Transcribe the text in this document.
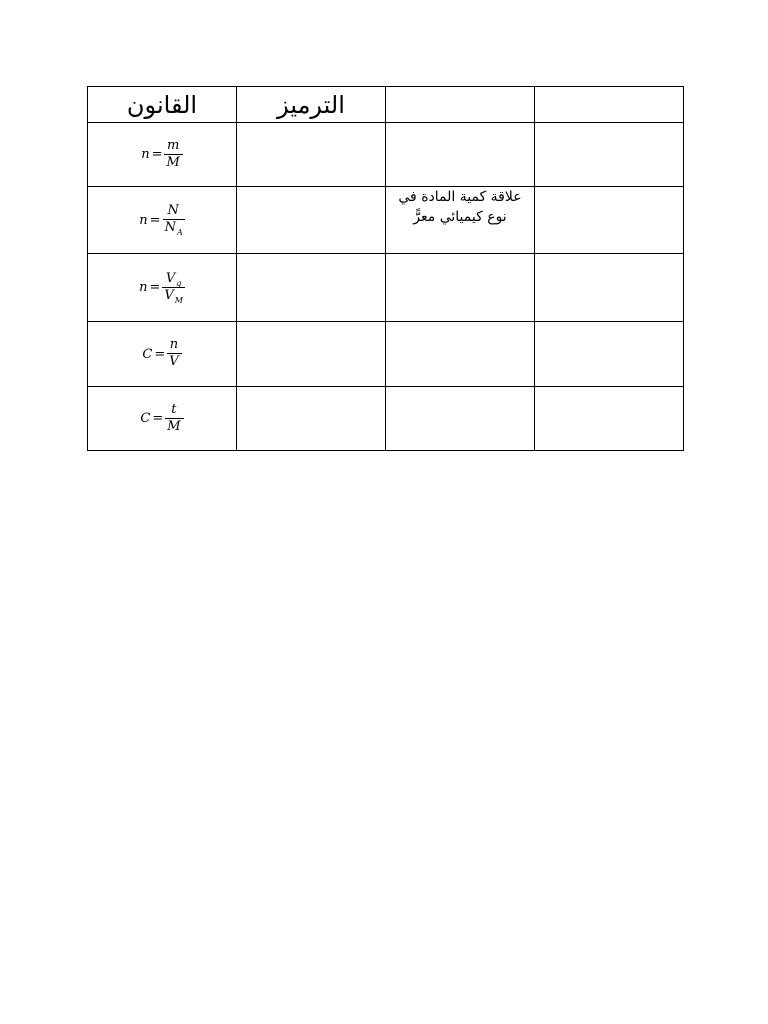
القانون	الترميز		

$n = \frac{m}{M}$

$n = \frac{N}{N_A}$		علاقة كمية المادة في نوع كيميائي معرًّ	

$n = \frac{V_g}{V_M}$

$C = \frac{n}{V}$

$C = \frac{t}{M}$
